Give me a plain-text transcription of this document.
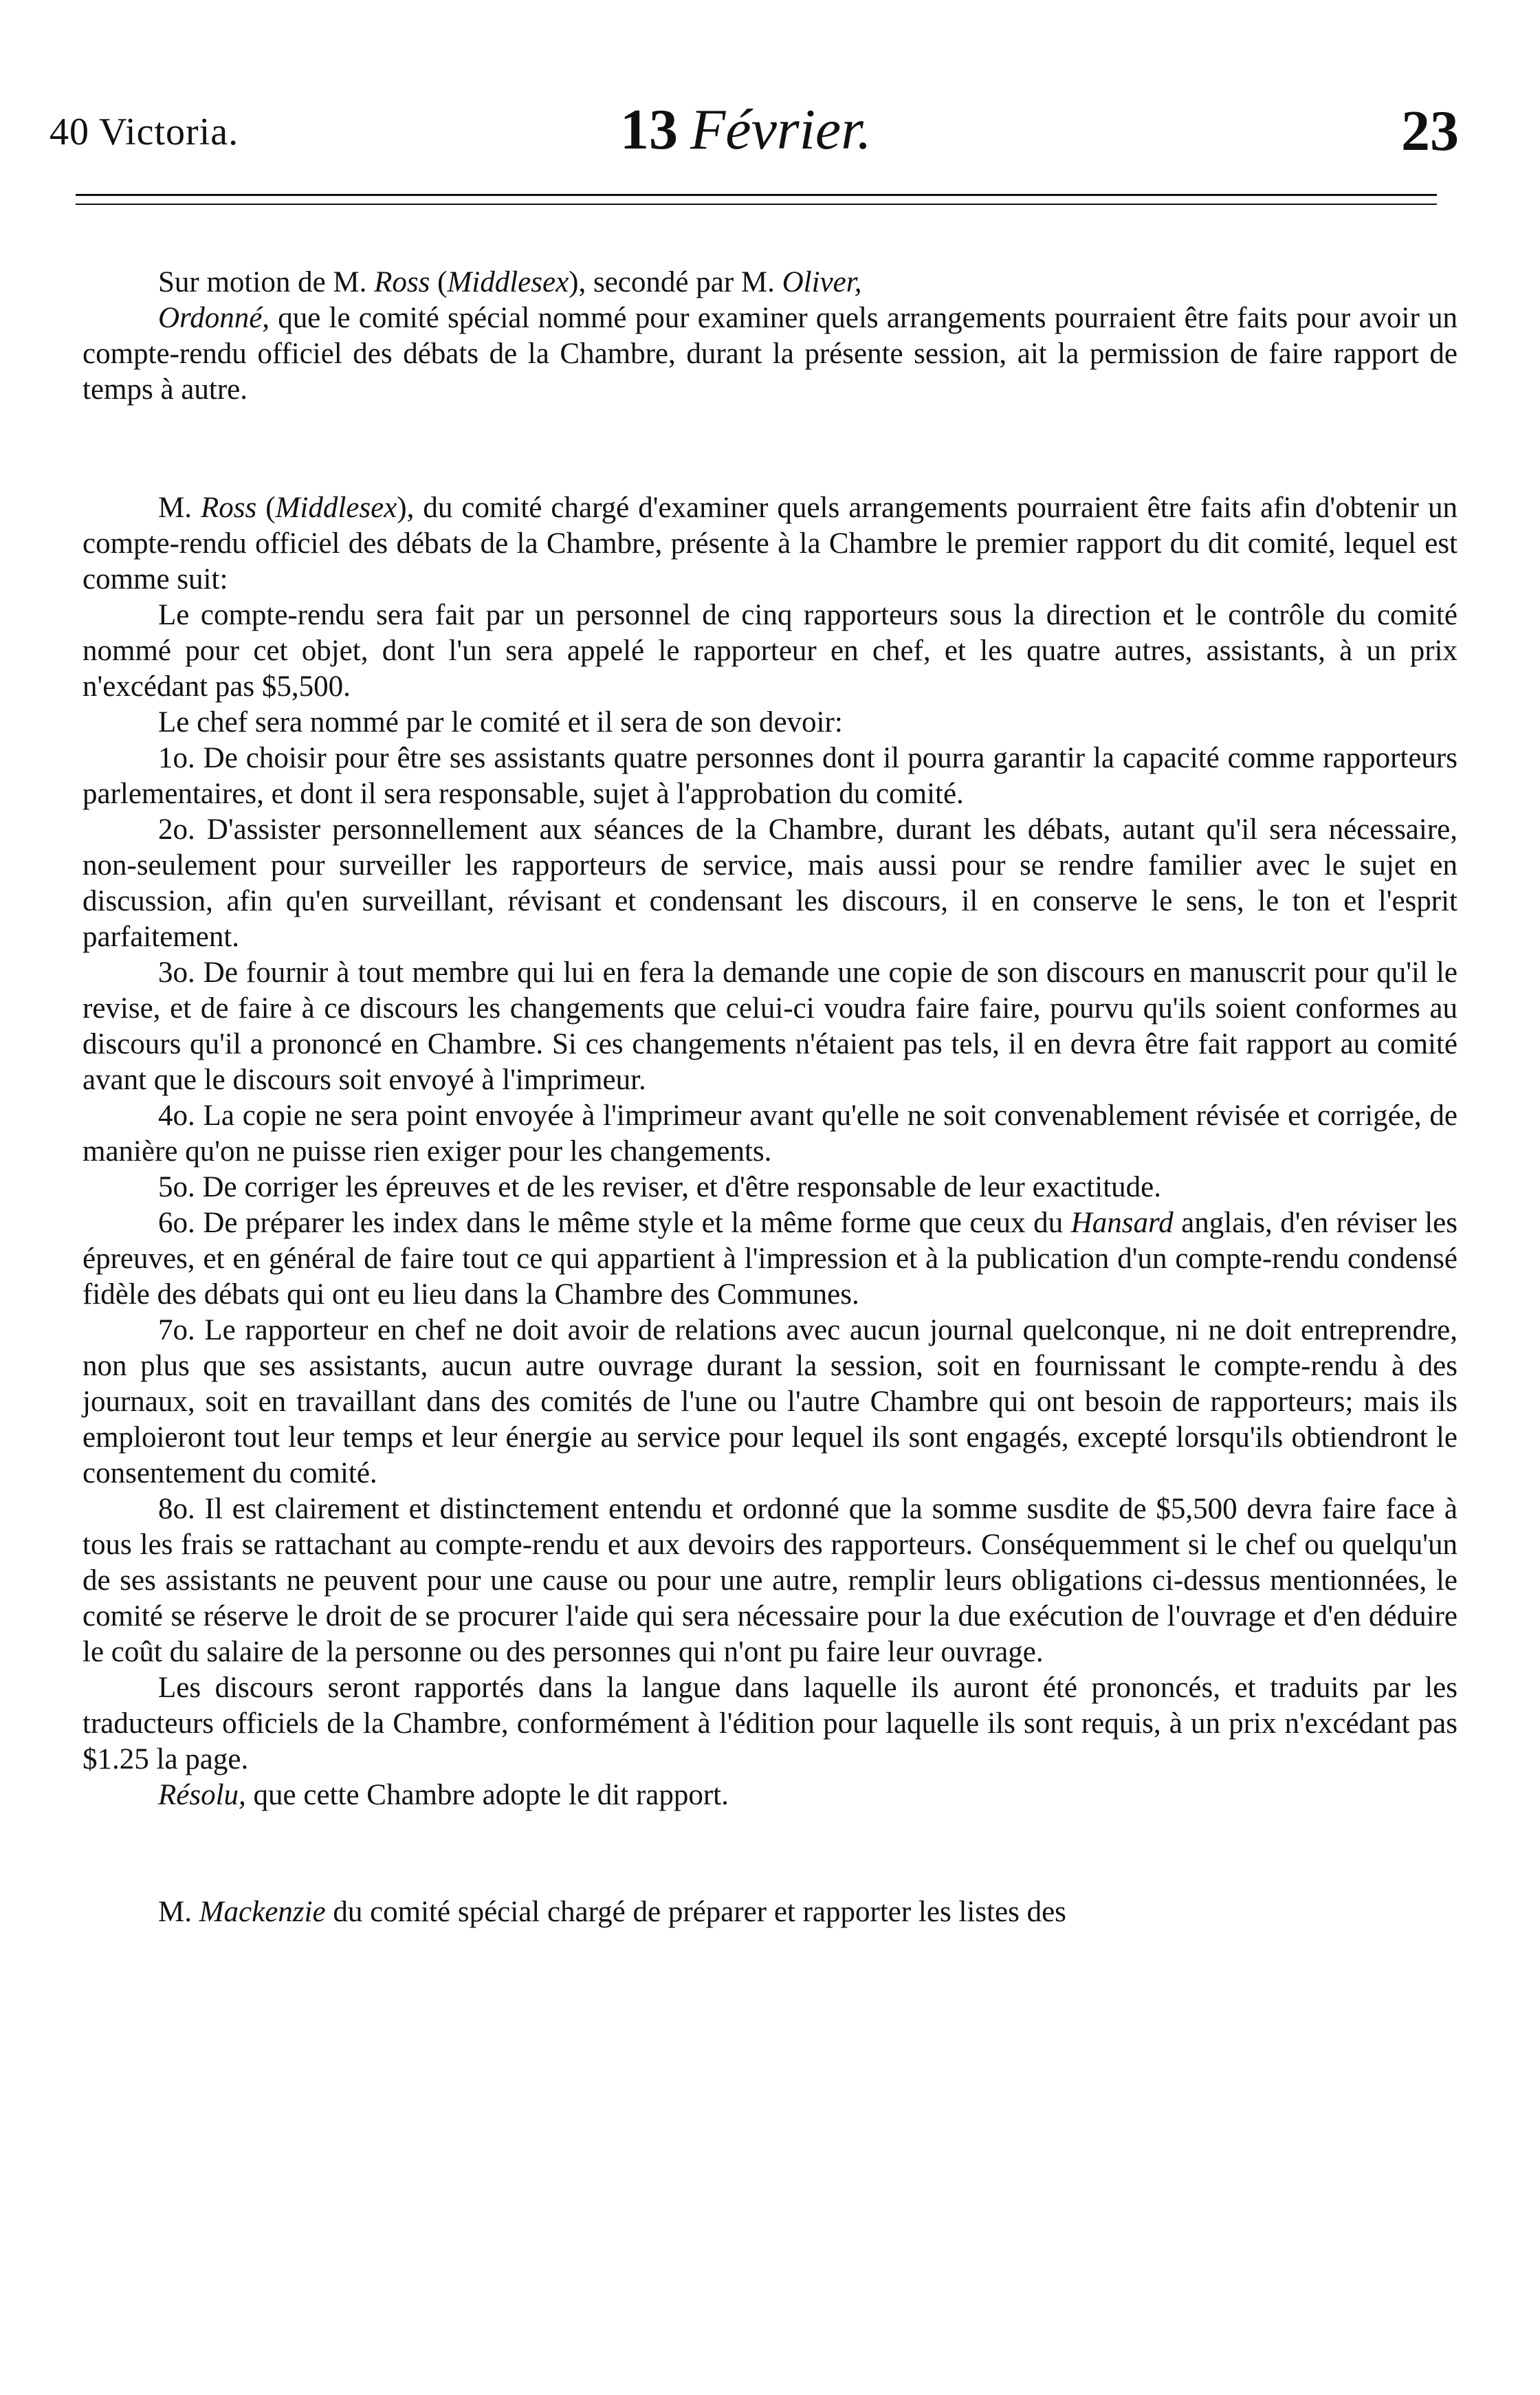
40 Victoria.	13 Février.	23

Sur motion de M. Ross (Middlesex), secondé par M. Oliver,

Ordonné, que le comité spécial nommé pour examiner quels arrangements pourraient être faits pour avoir un compte-rendu officiel des débats de la Chambre, durant la présente session, ait la permission de faire rapport de temps à autre.

M. Ross (Middlesex), du comité chargé d'examiner quels arrangements pourraient être faits afin d'obtenir un compte-rendu officiel des débats de la Chambre, présente à la Chambre le premier rapport du dit comité, lequel est comme suit:

Le compte-rendu sera fait par un personnel de cinq rapporteurs sous la direction et le contrôle du comité nommé pour cet objet, dont l'un sera appelé le rapporteur en chef, et les quatre autres, assistants, à un prix n'excédant pas $5,500.

Le chef sera nommé par le comité et il sera de son devoir:

1o. De choisir pour être ses assistants quatre personnes dont il pourra garantir la capacité comme rapporteurs parlementaires, et dont il sera responsable, sujet à l'approbation du comité.

2o. D'assister personnellement aux séances de la Chambre, durant les débats, autant qu'il sera nécessaire, non-seulement pour surveiller les rapporteurs de service, mais aussi pour se rendre familier avec le sujet en discussion, afin qu'en surveillant, révisant et condensant les discours, il en conserve le sens, le ton et l'esprit parfaitement.

3o. De fournir à tout membre qui lui en fera la demande une copie de son discours en manuscrit pour qu'il le revise, et de faire à ce discours les changements que celui-ci voudra faire faire, pourvu qu'ils soient conformes au discours qu'il a prononcé en Chambre. Si ces changements n'étaient pas tels, il en devra être fait rapport au comité avant que le discours soit envoyé à l'imprimeur.

4o. La copie ne sera point envoyée à l'imprimeur avant qu'elle ne soit convenablement révisée et corrigée, de manière qu'on ne puisse rien exiger pour les changements.

5o. De corriger les épreuves et de les reviser, et d'être responsable de leur exactitude.

6o. De préparer les index dans le même style et la même forme que ceux du Hansard anglais, d'en réviser les épreuves, et en général de faire tout ce qui appartient à l'impression et à la publication d'un compte-rendu condensé fidèle des débats qui ont eu lieu dans la Chambre des Communes.

7o. Le rapporteur en chef ne doit avoir de relations avec aucun journal quelconque, ni ne doit entreprendre, non plus que ses assistants, aucun autre ouvrage durant la session, soit en fournissant le compte-rendu à des journaux, soit en travaillant dans des comités de l'une ou l'autre Chambre qui ont besoin de rapporteurs; mais ils emploieront tout leur temps et leur énergie au service pour lequel ils sont engagés, excepté lorsqu'ils obtiendront le consentement du comité.

8o. Il est clairement et distinctement entendu et ordonné que la somme susdite de $5,500 devra faire face à tous les frais se rattachant au compte-rendu et aux devoirs des rapporteurs. Conséquemment si le chef ou quelqu'un de ses assistants ne peuvent pour une cause ou pour une autre, remplir leurs obligations ci-dessus mentionnées, le comité se réserve le droit de se procurer l'aide qui sera nécessaire pour la due exécution de l'ouvrage et d'en déduire le coût du salaire de la personne ou des personnes qui n'ont pu faire leur ouvrage.

Les discours seront rapportés dans la langue dans laquelle ils auront été prononcés, et traduits par les traducteurs officiels de la Chambre, conformément à l'édition pour laquelle ils sont requis, à un prix n'excédant pas $1.25 la page.

Résolu, que cette Chambre adopte le dit rapport.

M. Mackenzie du comité spécial chargé de préparer et rapporter les listes des
